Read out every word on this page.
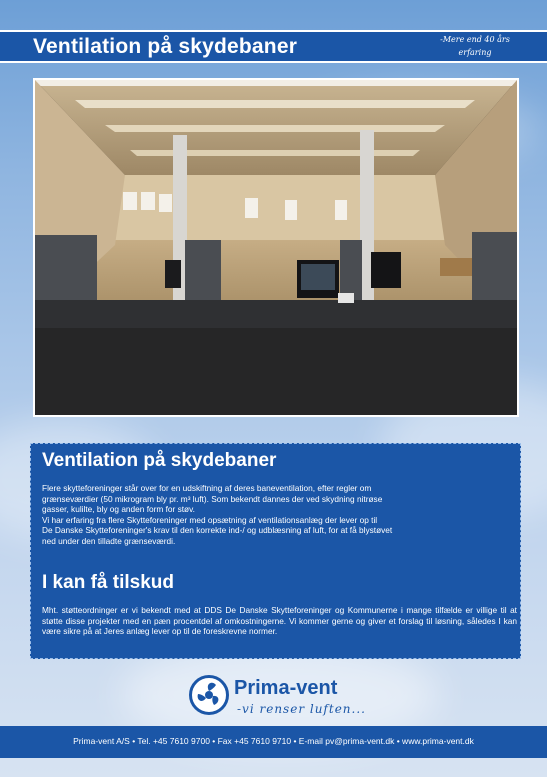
Ventilation på skydebaner	-Mere end 40 års erfaring
Ventilation på skydebaner

Flere skytteforeninger står over for en udskiftning af deres baneventilation, efter regler om

grænseværdier (50 mikrogram bly pr. m³ luft). Som bekendt dannes der ved skydning nitrøse

gasser, kulilte, bly og anden form for støv.

Vi har erfaring fra flere Skytteforeninger med opsætning af ventilationsanlæg der lever op til

De Danske Skytteforeninger's krav til den korrekte ind-/ og udblæsning af luft, for at få blystøvet

ned under den tilladte grænseværdi.

I kan få tilskud
Mht. støtteordninger er vi bekendt med at DDS De Danske Skytteforeninger og Kommunerne i mange tilfælde er villige til at støtte disse projekter med en pæn procentdel af omkostningerne. Vi kommer gerne og giver et forslag til løsning, således I kan være sikre på at Jeres anlæg lever op til de foreskrevne normer.
Prima-vent
-vi renser luften...
Prima-vent A/S • Tel. +45 7610 9700 • Fax +45 7610 9710 • E-mail pv@prima-vent.dk • www.prima-vent.dk
